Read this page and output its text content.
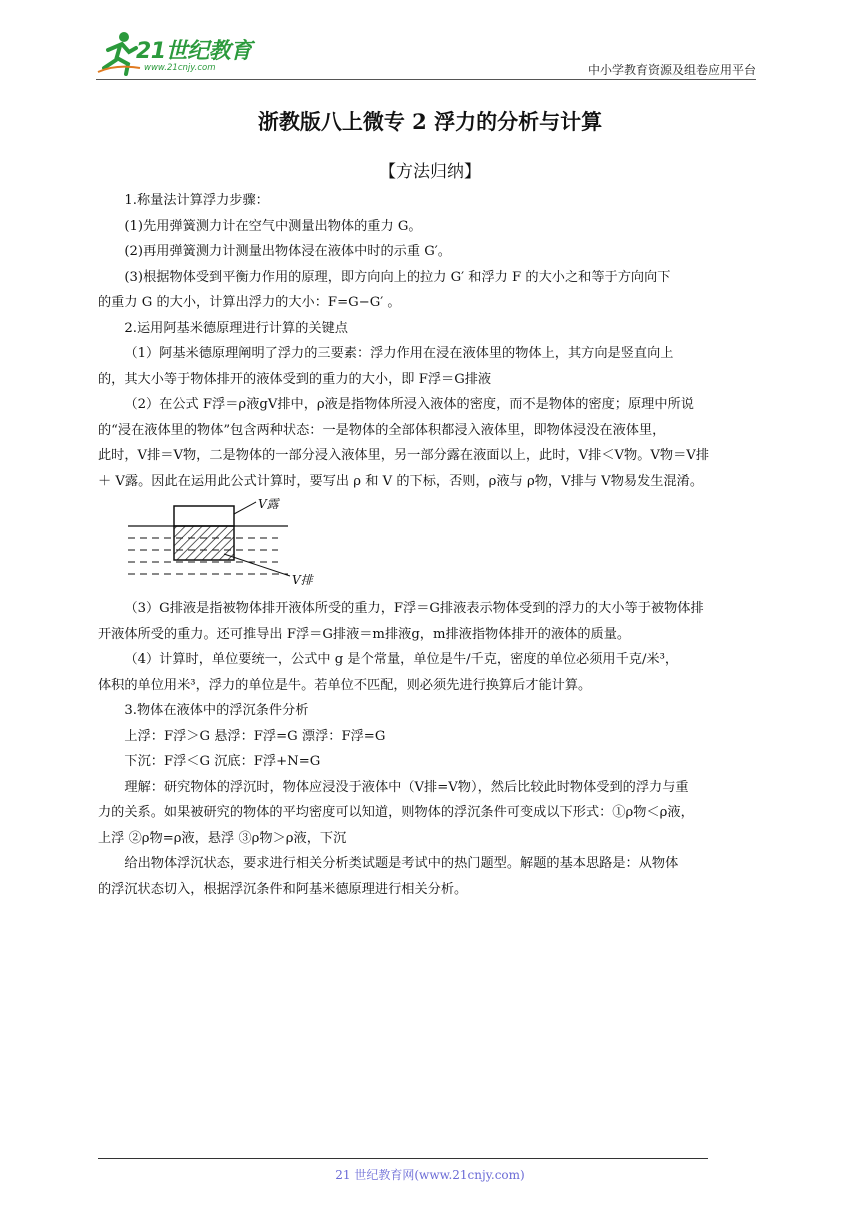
21世纪教育
www.21cnjy.com	中小学教育资源及组卷应用平台
浙教版八上微专 2 浮力的分析与计算
【方法归纳】

1.称量法计算浮力步骤：

(1)先用弹簧测力计在空气中测量出物体的重力 G。

(2)再用弹簧测力计测量出物体浸在液体中时的示重 G′。

(3)根据物体受到平衡力作用的原理，即方向向上的拉力 G′ 和浮力 F 的大小之和等于方向向下

的重力 G 的大小，计算出浮力的大小：F=G−G′ 。

2.运用阿基米德原理进行计算的关键点

（1）阿基米德原理阐明了浮力的三要素：浮力作用在浸在液体里的物体上，其方向是竖直向上

的，其大小等于物体排开的液体受到的重力的大小，即 F浮＝G排液

（2）在公式 F浮＝ρ液gV排中，ρ液是指物体所浸入液体的密度，而不是物体的密度；原理中所说

的“浸在液体里的物体”包含两种状态：一是物体的全部体积都浸入液体里，即物体浸没在液体里，

此时，V排＝V物，二是物体的一部分浸入液体里，另一部分露在液面以上，此时，V排＜V物。V物＝V排

＋ V露。因此在运用此公式计算时，要写出 ρ 和 V 的下标，否则，ρ液与 ρ物，V排与 V物易发生混淆。

V露
V排

（3）G排液是指被物体排开液体所受的重力，F浮＝G排液表示物体受到的浮力的大小等于被物体排

开液体所受的重力。还可推导出 F浮＝G排液＝m排液g，m排液指物体排开的液体的质量。

（4）计算时，单位要统一，公式中 g 是个常量，单位是牛/千克，密度的单位必须用千克/米³，

体积的单位用米³，浮力的单位是牛。若单位不匹配，则必须先进行换算后才能计算。

3.物体在液体中的浮沉条件分析

上浮：F浮＞G 悬浮：F浮=G 漂浮：F浮=G

下沉：F浮＜G 沉底：F浮+N=G

理解：研究物体的浮沉时，物体应浸没于液体中（V排=V物），然后比较此时物体受到的浮力与重

力的关系。如果被研究的物体的平均密度可以知道，则物体的浮沉条件可变成以下形式：①ρ物＜ρ液，

上浮 ②ρ物=ρ液，悬浮 ③ρ物＞ρ液，下沉

给出物体浮沉状态，要求进行相关分析类试题是考试中的热门题型。解题的基本思路是：从物体

的浮沉状态切入，根据浮沉条件和阿基米德原理进行相关分析。

21 世纪教育网(www.21cnjy.com)
